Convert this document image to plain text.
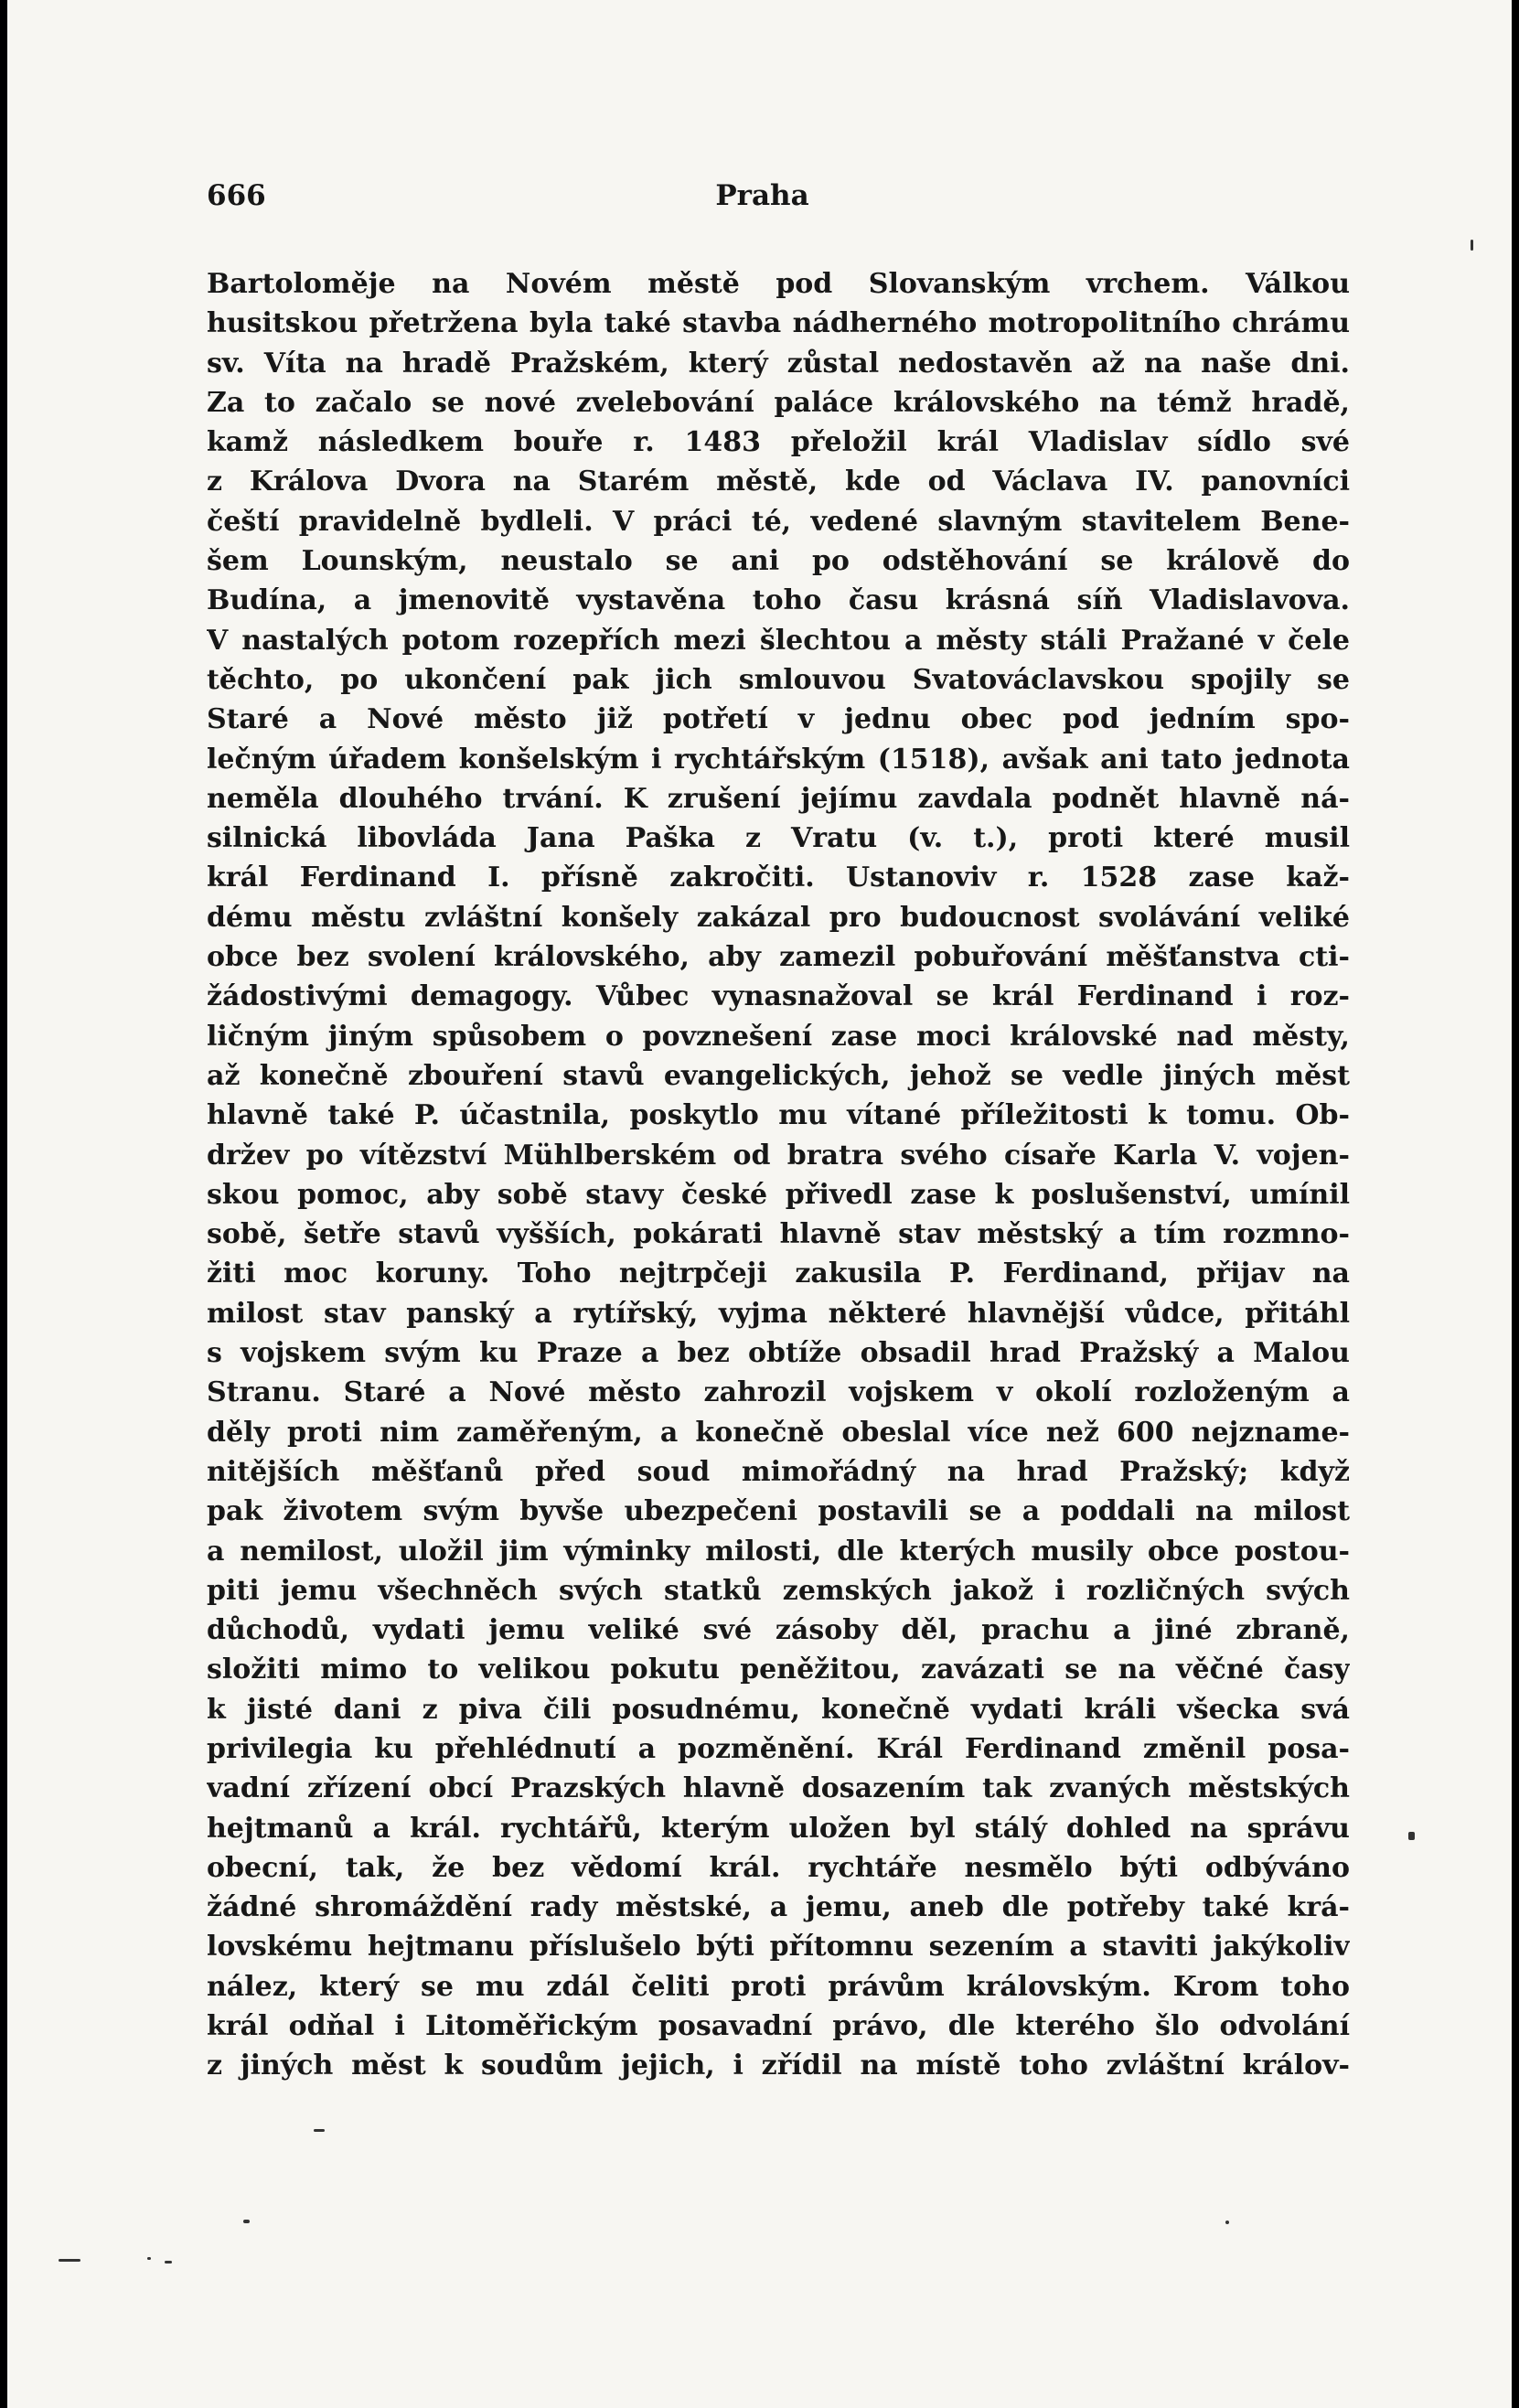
666	Praha
Bartoloměje na Novém městě pod Slovanským vrchem. Válkou
husitskou přetržena byla také stavba nádherného motropolitního chrámu
sv. Víta na hradě Pražském, který zůstal nedostavěn až na naše dni.
Za to začalo se nové zvelebování paláce královského na témž hradě,
kamž následkem bouře r. 1483 přeložil král Vladislav sídlo své
z Králova Dvora na Starém městě, kde od Václava IV. panovníci
čeští pravidelně bydleli. V práci té, vedené slavným stavitelem Bene-
šem Lounským, neustalo se ani po odstěhování se králově do
Budína, a jmenovitě vystavěna toho času krásná síň Vladislavova.
V nastalých potom rozepřích mezi šlechtou a městy stáli Pražané v čele
těchto, po ukončení pak jich smlouvou Svatováclavskou spojily se
Staré a Nové město již potřetí v jednu obec pod jedním spo-
lečným úřadem konšelským i rychtářským (1518), avšak ani tato jednota
neměla dlouhého trvání. K zrušení jejímu zavdala podnět hlavně ná-
silnická libovláda Jana Paška z Vratu (v. t.), proti které musil
král Ferdinand I. přísně zakročiti. Ustanoviv r. 1528 zase kaž-
dému městu zvláštní konšely zakázal pro budoucnost svolávání veliké
obce bez svolení královského, aby zamezil pobuřování měšťanstva cti-
žádostivými demagogy. Vůbec vynasnažoval se král Ferdinand i roz-
ličným jiným spůsobem o povznešení zase moci královské nad městy,
až konečně zbouření stavů evangelických, jehož se vedle jiných měst
hlavně také P. účastnila, poskytlo mu vítané příležitosti k tomu. Ob-
držev po vítězství Mühlberském od bratra svého císaře Karla V. vojen-
skou pomoc, aby sobě stavy české přivedl zase k poslušenství, umínil
sobě, šetře stavů vyšších, pokárati hlavně stav městský a tím rozmno-
žiti moc koruny. Toho nejtrpčeji zakusila P. Ferdinand, přijav na
milost stav panský a rytířský, vyjma některé hlavnější vůdce, přitáhl
s vojskem svým ku Praze a bez obtíže obsadil hrad Pražský a Malou
Stranu. Staré a Nové město zahrozil vojskem v okolí rozloženým a
děly proti nim zaměřeným, a konečně obeslal více než 600 nejzname-
nitějších měšťanů před soud mimořádný na hrad Pražský; když
pak životem svým byvše ubezpečeni postavili se a poddali na milost
a nemilost, uložil jim výminky milosti, dle kterých musily obce postou-
piti jemu všechněch svých statků zemských jakož i rozličných svých
důchodů, vydati jemu veliké své zásoby děl, prachu a jiné zbraně,
složiti mimo to velikou pokutu peněžitou, zavázati se na věčné časy
k jisté dani z piva čili posudnému, konečně vydati králi všecka svá
privilegia ku přehlédnutí a pozměnění. Král Ferdinand změnil posa-
vadní zřízení obcí Prazských hlavně dosazením tak zvaných městských
hejtmanů a král. rychtářů, kterým uložen byl stálý dohled na správu
obecní, tak, že bez vědomí král. rychtáře nesmělo býti odbýváno
žádné shromáždění rady městské, a jemu, aneb dle potřeby také krá-
lovskému hejtmanu příslušelo býti přítomnu sezením a staviti jakýkoliv
nález, který se mu zdál čeliti proti právům královským. Krom toho
král odňal i Litoměřickým posavadní právo, dle kterého šlo odvolání
z jiných měst k soudům jejich, i zřídil na místě toho zvláštní králov-
